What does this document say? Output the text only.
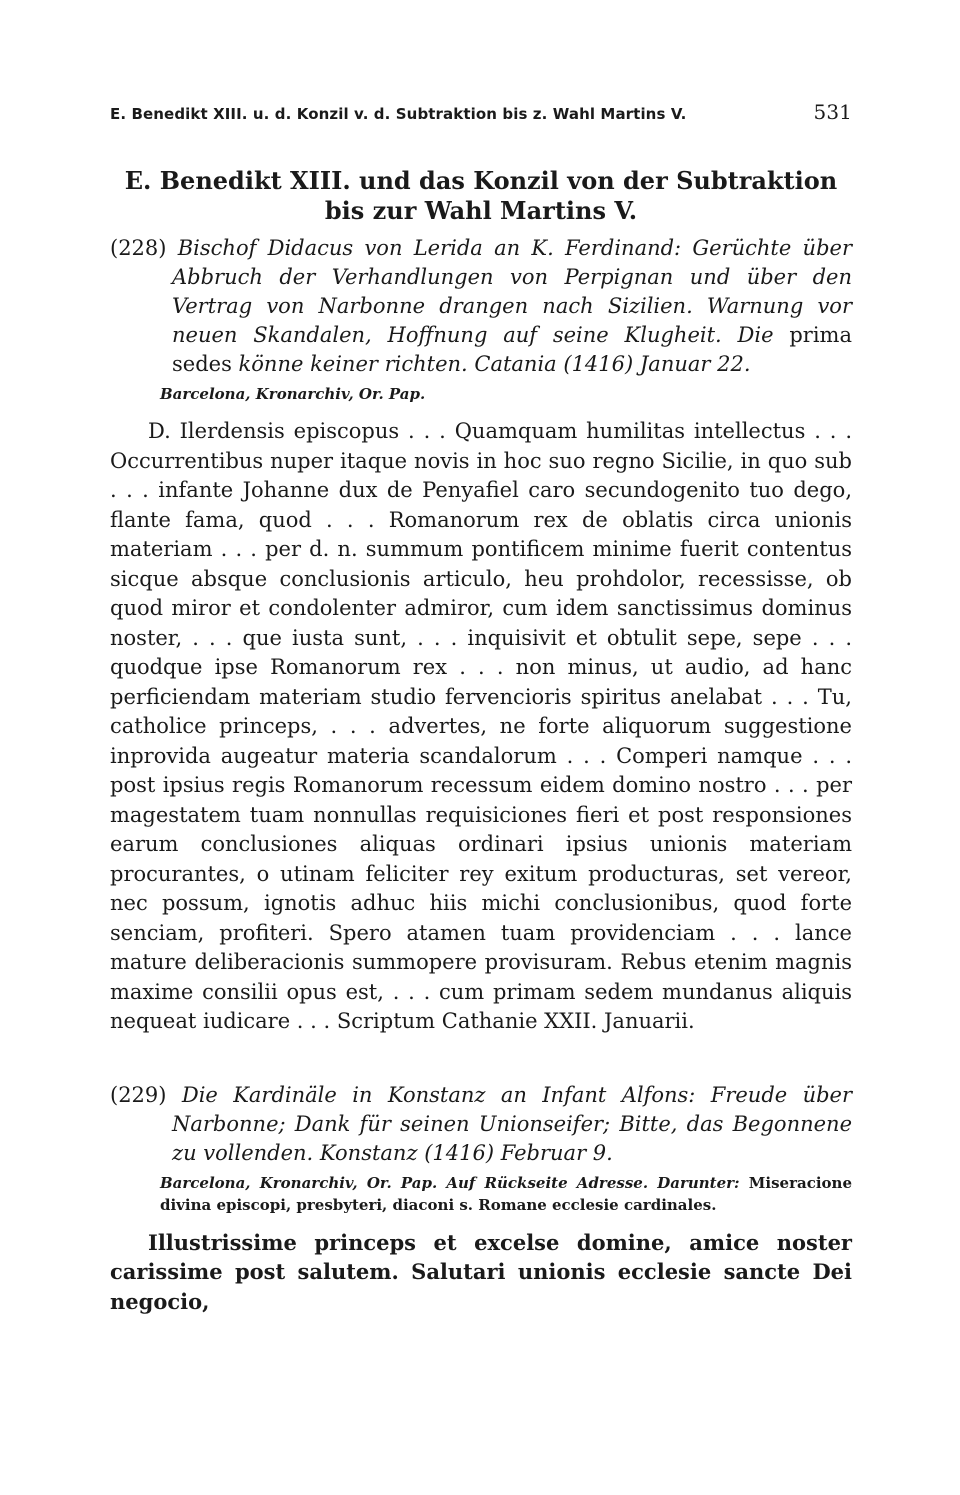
E. Benedikt XIII. u. d. Konzil v. d. Subtraktion bis z. Wahl Martins V.	531
E. Benedikt XIII. und das Konzil von der Subtraktion
bis zur Wahl Martins V.
(228) Bischof Didacus von Lerida an K. Ferdinand: Gerüchte über Abbruch der Verhandlungen von Perpignan und über den Vertrag von Narbonne drangen nach Sizilien. Warnung vor neuen Skandalen, Hoffnung auf seine Klugheit. Die prima sedes könne keiner richten. Catania (1416) Januar 22.
Barcelona, Kronarchiv, Or. Pap.
D. Ilerdensis episcopus . . . Quamquam humilitas intellectus . . . Occurrentibus nuper itaque novis in hoc suo regno Sicilie, in quo sub . . . infante Johanne dux de Penyafiel caro secundogenito tuo dego, flante fama, quod . . . Romanorum rex de oblatis circa unionis materiam . . . per d. n. summum pontificem minime fuerit contentus sicque absque conclusionis articulo, heu prohdolor, recessisse, ob quod miror et condolenter admiror, cum idem sanctissimus dominus noster, . . . que iusta sunt, . . . inquisivit et obtulit sepe, sepe . . . quodque ipse Romanorum rex . . . non minus, ut audio, ad hanc perficiendam materiam studio fervencioris spiritus anelabat . . . Tu, catholice princeps, . . . advertes, ne forte aliquorum suggestione inprovida augeatur materia scandalorum . . . Comperi namque . . . post ipsius regis Romanorum recessum eidem domino nostro . . . per magestatem tuam nonnullas requisiciones fieri et post responsiones earum conclusiones aliquas ordinari ipsius unionis materiam procurantes, o utinam feliciter rey exitum producturas, set vereor, nec possum, ignotis adhuc hiis michi conclusionibus, quod forte senciam, profiteri. Spero atamen tuam providenciam . . . lance mature deliberacionis summopere provisuram. Rebus etenim magnis maxime consilii opus est, . . . cum primam sedem mundanus aliquis nequeat iudicare . . . Scriptum Cathanie XXII. Januarii.
(229) Die Kardinäle in Konstanz an Infant Alfons: Freude über Narbonne; Dank für seinen Unionseifer; Bitte, das Begonnene zu vollenden. Konstanz (1416) Februar 9.
Barcelona, Kronarchiv, Or. Pap. Auf Rückseite Adresse. Darunter: Miseracione divina episcopi, presbyteri, diaconi s. Romane ecclesie cardinales.
Illustrissime princeps et excelse domine, amice noster carissime post salutem. Salutari unionis ecclesie sancte Dei negocio,
